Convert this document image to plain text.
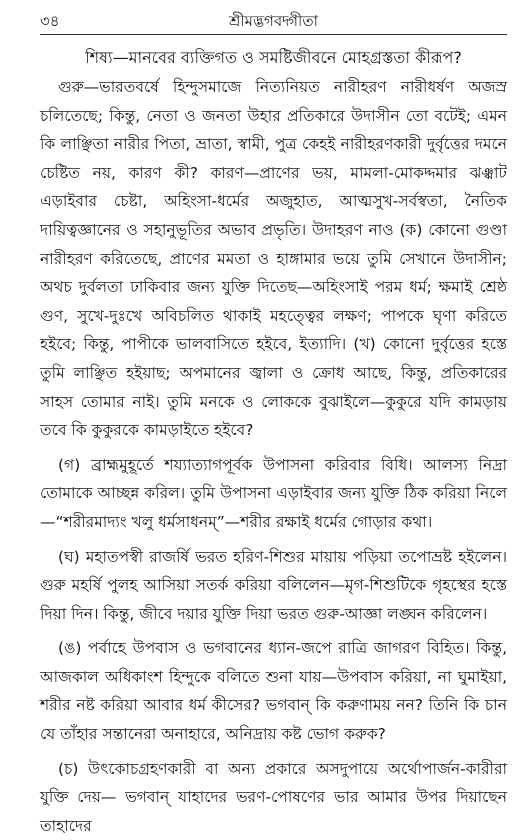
৩৪	শ্রীমদ্ভগবদ্গীতা
শিষ্য—মানবের ব্যক্তিগত ও সমষ্টিজীবনে মোহগ্রস্ততা কীরূপ?

গুরু—ভারতবর্ষে হিন্দুসমাজে নিত্যনিয়ত নারীহরণ নারীধর্ষণ অজস্র চলিতেছে; কিন্তু, নেতা ও জনতা উহার প্রতিকারে উদাসীন তো বটেই; এমন কি লাঞ্ছিতা নারীর পিতা, ভ্রাতা, স্বামী, পুত্র কেহই নারীহরণকারী দুর্বৃত্তের দমনে চেষ্টিত নয়, কারণ কী? কারণ—প্রাণের ভয়, মামলা-মোকদ্দমার ঝঞ্ঝাট এড়াইবার চেষ্টা, অহিংসা-ধর্মের অজুহাত, আত্মসুখ-সর্বস্বতা, নৈতিক দায়িত্বজ্ঞানের ও সহানুভূতির অভাব প্রভৃতি। উদাহরণ নাও (ক) কোনো গুণ্ডা নারীহরণ করিতেছে, প্রাণের মমতা ও হাঙ্গামার ভয়ে তুমি সেখানে উদাসীন; অথচ দুর্বলতা ঢাকিবার জন্য যুক্তি দিতেছ—অহিংসাই পরম ধর্ম; ক্ষমাই শ্রেষ্ঠ গুণ, সুখে-দুঃখে অবিচলিত থাকাই মহত্ত্বের লক্ষণ; পাপকে ঘৃণা করিতে হইবে; কিন্তু, পাপীকে ভালবাসিতে হইবে, ইত্যাদি। (খ) কোনো দুর্বৃত্তের হস্তে তুমি লাঞ্ছিত হইয়াছ; অপমানের জ্বালা ও ক্রোধ আছে, কিন্তু, প্রতিকারের সাহস তোমার নাই। তুমি মনকে ও লোককে বুঝাইলে—কুকুরে যদি কামড়ায় তবে কি কুকুরকে কামড়াইতে হইবে?

(গ) ব্রাহ্মমুহূর্তে শয্যাত্যাগপূর্বক উপাসনা করিবার বিধি। আলস্য নিদ্রা তোমাকে আচ্ছন্ন করিল। তুমি উপাসনা এড়াইবার জন্য যুক্তি ঠিক করিয়া নিলে—“শরীরমাদ্যং খলু ধর্মসাধনম্”—শরীর রক্ষাই ধর্মের গোড়ার কথা।

(ঘ) মহাতপস্বী রাজর্ষি ভরত হরিণ-শিশুর মায়ায় পড়িয়া তপোভ্রষ্ট হইলেন। গুরু মহর্ষি পুলহ আসিয়া সতর্ক করিয়া বলিলেন—মৃগ-শিশুটিকে গৃহস্থের হস্তে দিয়া দিন। কিন্তু, জীবে দয়ার যুক্তি দিয়া ভরত গুরু-আজ্ঞা লঙ্ঘন করিলেন।

(ঙ) পর্বাহে উপবাস ও ভগবানের ধ্যান-জপে রাত্রি জাগরণ বিহিত। কিন্তু, আজকাল অধিকাংশ হিন্দুকে বলিতে শুনা যায়—উপবাস করিয়া, না ঘুমাইয়া, শরীর নষ্ট করিয়া আবার ধর্ম কীসের? ভগবান্ কি করুণাময় নন? তিনি কি চান যে তাঁহার সন্তানেরা অনাহারে, অনিদ্রায় কষ্ট ভোগ করুক?

(চ) উৎকোচগ্রহণকারী বা অন্য প্রকারে অসদুপায়ে অর্থোপার্জন-কারীরা যুক্তি দেয়— ভগবান্ যাহাদের ভরণ-পোষণের ভার আমার উপর দিয়াছেন তাহাদের
